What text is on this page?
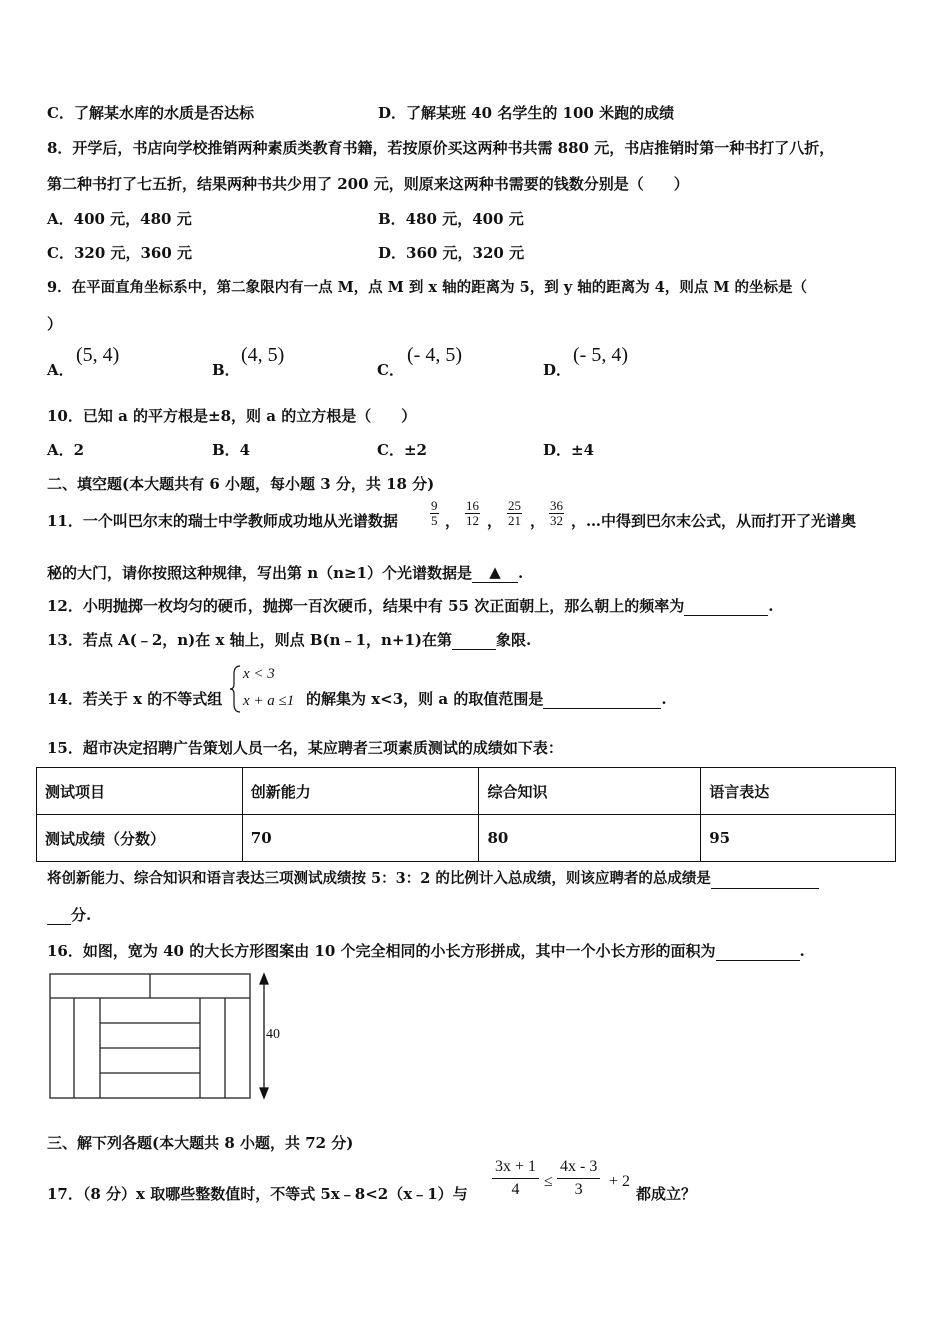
C．了解某水库的水质是否达标	D．了解某班 40 名学生的 100 米跑的成绩
8．开学后，书店向学校推销两种素质类教育书籍，若按原价买这两种书共需 880 元，书店推销时第一种书打了八折，
第二种书打了七五折，结果两种书共少用了 200 元，则原来这两种书需要的钱数分别是（　　）
A．400 元，480 元	B．480 元，400 元
C．320 元，360 元	D．360 元，320 元
9．在平面直角坐标系中，第二象限内有一点 M，点 M 到 x 轴的距离为 5，到 y 轴的距离为 4，则点 M 的坐标是（
）
A．
(5, 4)
B．
(4, 5)
C．
(- 4, 5)
D．
(- 5, 4)
10．已知 a 的平方根是±8，则 a 的立方根是（　　）
A．2	B．4	C．±2	D．±4
二、填空题(本大题共有 6 小题，每小题 3 分，共 18 分)
11．一个叫巴尔末的瑞士中学教师成功地从光谱数据 $\frac{9}{5}$ ， $\frac{16}{12}$ ， $\frac{25}{21}$ ， $\frac{36}{32}$ ，…中得到巴尔末公式，从而打开了光谱奥
秘的大门，请你按照这种规律，写出第 n（n≥1）个光谱数据是 ▲ .
12．小明抛掷一枚均匀的硬币，抛掷一百次硬币，结果中有 55 次正面朝上，那么朝上的频率为	.
13．若点 A(﹣2，n)在 x 轴上，则点 B(n﹣1，n+1)在第	象限.
14．若关于 x 的不等式组
x < 3
x + a ≤1 的解集为 x<3，则 a 的取值范围是	.
15．超市决定招聘广告策划人员一名，某应聘者三项素质测试的成绩如下表：
测试项目	创新能力	综合知识	语言表达
测试成绩（分数）	70	80	95
将创新能力、综合知识和语言表达三项测试成绩按 5：3：2 的比例计入总成绩，则该应聘者的总成绩是
分.
16．如图，宽为 40 的大长方形图案由 10 个完全相同的小长方形拼成，其中一个小长方形的面积为	.
40
三、解下列各题(本大题共 8 小题，共 72 分)
17．（8 分）x 取哪些整数值时，不等式 5x﹣8<2（x﹣1）与 $\frac{3x + 1}{4} \le \frac{4x - 3}{3} + 2$
都成立？
